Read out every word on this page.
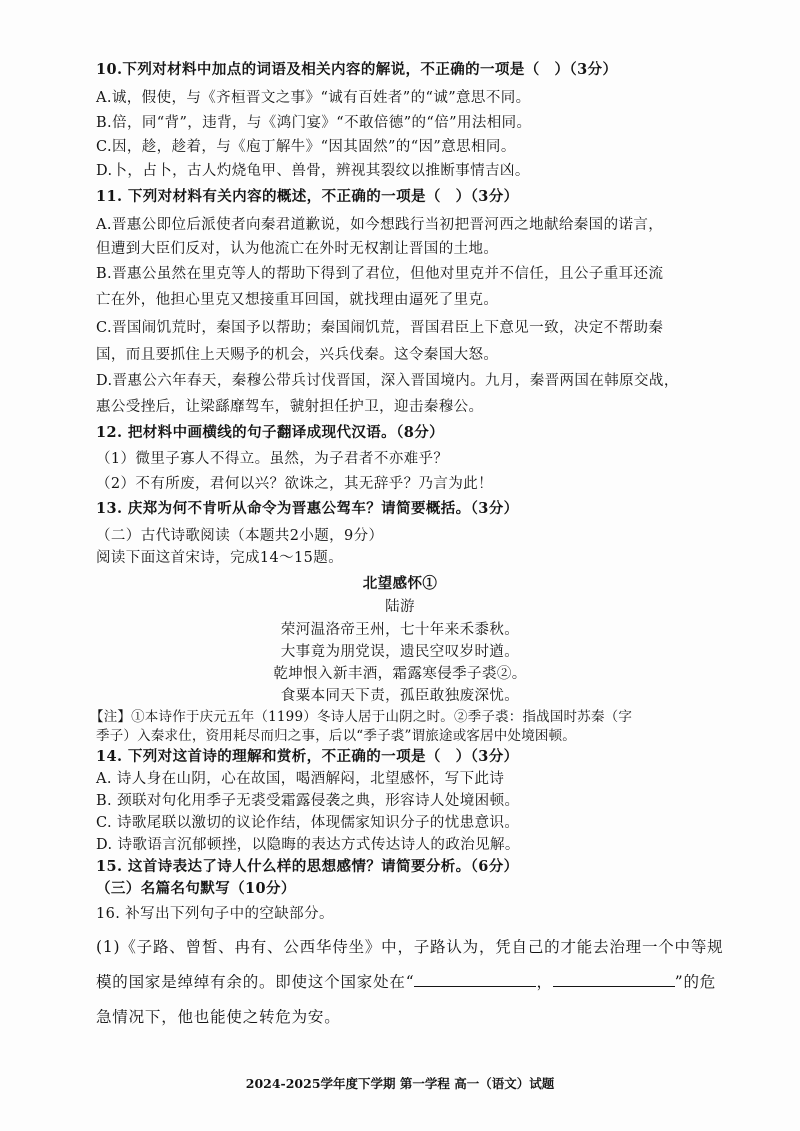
10.下列对材料中加点的词语及相关内容的解说，不正确的一项是（　）（3分）
A.诚，假使，与《齐桓晋文之事》“诚有百姓者”的“诚”意思不同。
B.倍，同“背”，违背，与《鸿门宴》“不敢倍德”的“倍”用法相同。
C.因，趁，趁着，与《庖丁解牛》“因其固然”的“因”意思相同。
D.卜，占卜，古人灼烧龟甲、兽骨，辨视其裂纹以推断事情吉凶。
11. 下列对材料有关内容的概述，不正确的一项是（　）（3分）
A.晋惠公即位后派使者向秦君道歉说，如今想践行当初把晋河西之地献给秦国的诺言，
但遭到大臣们反对，认为他流亡在外时无权割让晋国的土地。
B.晋惠公虽然在里克等人的帮助下得到了君位，但他对里克并不信任，且公子重耳还流
亡在外，他担心里克又想接重耳回国，就找理由逼死了里克。
C.晋国闹饥荒时，秦国予以帮助；秦国闹饥荒，晋国君臣上下意见一致，决定不帮助秦
国，而且要抓住上天赐予的机会，兴兵伐秦。这令秦国大怒。
D.晋惠公六年春天，秦穆公带兵讨伐晋国，深入晋国境内。九月，秦晋两国在韩原交战，
惠公受挫后，让梁繇靡驾车，虢射担任护卫，迎击秦穆公。
12. 把材料中画横线的句子翻译成现代汉语。（8分）
（1）微里子寡人不得立。虽然，为子君者不亦难乎？
（2）不有所废，君何以兴？欲诛之，其无辞乎？乃言为此！
13. 庆郑为何不肯听从命令为晋惠公驾车？请简要概括。（3分）
（二）古代诗歌阅读（本题共2小题，9分）
阅读下面这首宋诗，完成14～15题。
北望感怀①
陆游
荣河温洛帝王州，七十年来禾黍秋。
大事竟为朋党误，遗民空叹岁时遒。
乾坤恨入新丰酒，霜露寒侵季子裘②。
食粟本同天下责，孤臣敢独废深忧。
【注】①本诗作于庆元五年（1199）冬诗人居于山阴之时。②季子裘：指战国时苏秦（字
季子）入秦求仕，资用耗尽而归之事，后以“季子裘”谓旅途或客居中处境困顿。
14. 下列对这首诗的理解和赏析，不正确的一项是（　）（3分）
A. 诗人身在山阴，心在故国，喝酒解闷，北望感怀，写下此诗
B. 颈联对句化用季子无裘受霜露侵袭之典，形容诗人处境困顿。
C. 诗歌尾联以激切的议论作结，体现儒家知识分子的忧患意识。
D. 诗歌语言沉郁顿挫，以隐晦的表达方式传达诗人的政治见解。
15. 这首诗表达了诗人什么样的思想感情？请简要分析。（6分）
（三）名篇名句默写（10分）
16. 补写出下列句子中的空缺部分。
(1)《子路、曾皙、冉有、公西华侍坐》中，子路认为，凭自己的才能去治理一个中等规
模的国家是绰绰有余的。即使这个国家处在“	，	”的危
急情况下，他也能使之转危为安。
2024-2025学年度下学期 第一学程 高一（语文）试题
